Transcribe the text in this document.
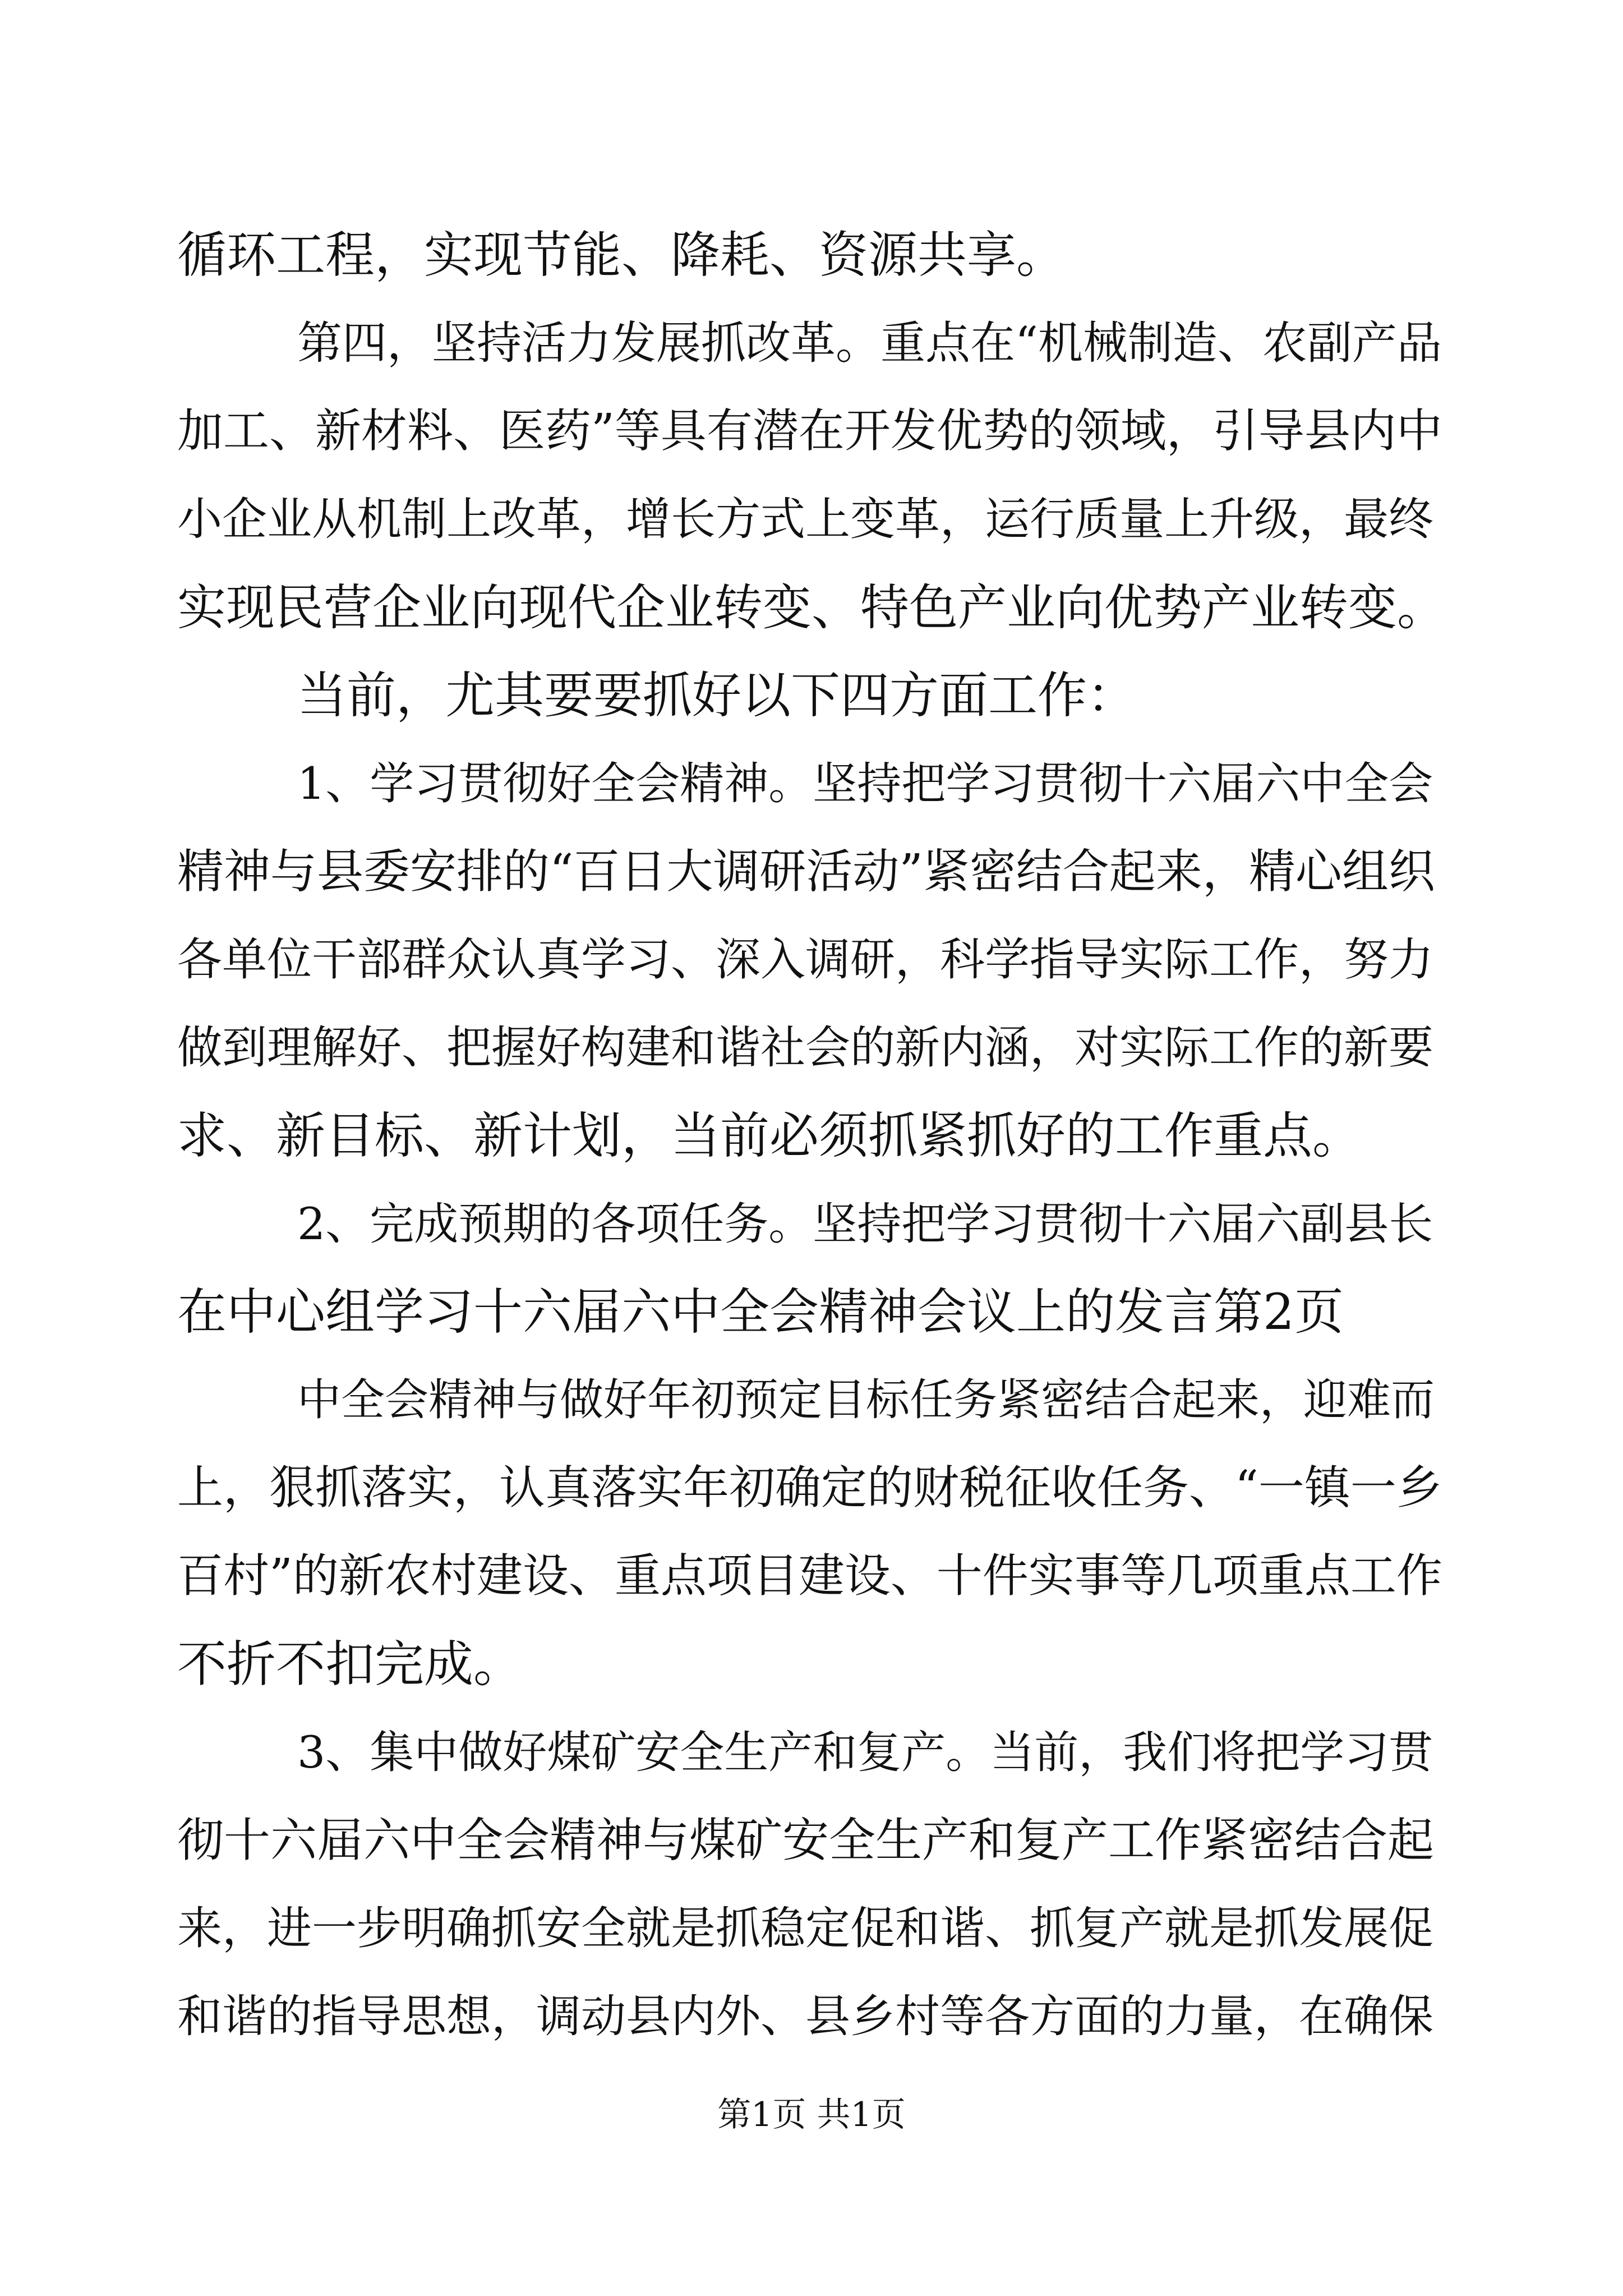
循环工程，实现节能、降耗、资源共享。
第四，坚持活力发展抓改革。重点在“机械制造、农副产品
加工、新材料、医药”等具有潜在开发优势的领域，引导县内中
小企业从机制上改革，增长方式上变革，运行质量上升级，最终
实现民营企业向现代企业转变、特色产业向优势产业转变。
当前，尤其要要抓好以下四方面工作：
1、学习贯彻好全会精神。坚持把学习贯彻十六届六中全会
精神与县委安排的“百日大调研活动”紧密结合起来，精心组织
各单位干部群众认真学习、深入调研，科学指导实际工作，努力
做到理解好、把握好构建和谐社会的新内涵，对实际工作的新要
求、新目标、新计划，当前必须抓紧抓好的工作重点。
2、完成预期的各项任务。坚持把学习贯彻十六届六副县长
在中心组学习十六届六中全会精神会议上的发言第2页
中全会精神与做好年初预定目标任务紧密结合起来，迎难而
上，狠抓落实，认真落实年初确定的财税征收任务、“一镇一乡
百村”的新农村建设、重点项目建设、十件实事等几项重点工作
不折不扣完成。
3、集中做好煤矿安全生产和复产。当前，我们将把学习贯
彻十六届六中全会精神与煤矿安全生产和复产工作紧密结合起
来，进一步明确抓安全就是抓稳定促和谐、抓复产就是抓发展促
和谐的指导思想，调动县内外、县乡村等各方面的力量，在确保
第1页 共1页
